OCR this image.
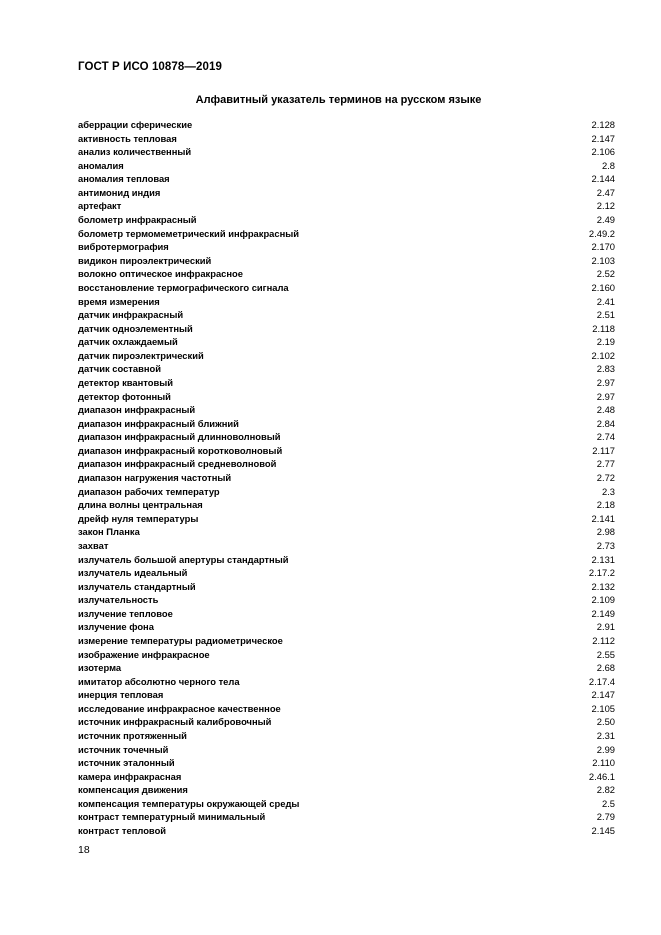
ГОСТ Р ИСО 10878—2019
Алфавитный указатель терминов на русском языке
аберрации сферические	2.128
активность тепловая	2.147
анализ количественный	2.106
аномалия	2.8
аномалия тепловая	2.144
антимонид индия	2.47
артефакт	2.12
болометр инфракрасный	2.49
болометр термомеметрический инфракрасный	2.49.2
вибротермография	2.170
видикон пироэлектрический	2.103
волокно оптическое инфракрасное	2.52
восстановление термографического сигнала	2.160
время измерения	2.41
датчик инфракрасный	2.51
датчик одноэлементный	2.118
датчик охлаждаемый	2.19
датчик пироэлектрический	2.102
датчик составной	2.83
детектор квантовый	2.97
детектор фотонный	2.97
диапазон инфракрасный	2.48
диапазон инфракрасный ближний	2.84
диапазон инфракрасный длинноволновый	2.74
диапазон инфракрасный коротковолновый	2.117
диапазон инфракрасный средневолновой	2.77
диапазон нагружения частотный	2.72
диапазон рабочих температур	2.3
длина волны центральная	2.18
дрейф нуля температуры	2.141
закон Планка	2.98
захват	2.73
излучатель большой апертуры стандартный	2.131
излучатель идеальный	2.17.2
излучатель стандартный	2.132
излучательность	2.109
излучение тепловое	2.149
излучение фона	2.91
измерение температуры радиометрическое	2.112
изображение инфракрасное	2.55
изотерма	2.68
имитатор абсолютно черного тела	2.17.4
инерция тепловая	2.147
исследование инфракрасное качественное	2.105
источник инфракрасный калибровочный	2.50
источник протяженный	2.31
источник точечный	2.99
источник эталонный	2.110
камера инфракрасная	2.46.1
компенсация движения	2.82
компенсация температуры окружающей среды	2.5
контраст температурный минимальный	2.79
контраст тепловой	2.145
18
